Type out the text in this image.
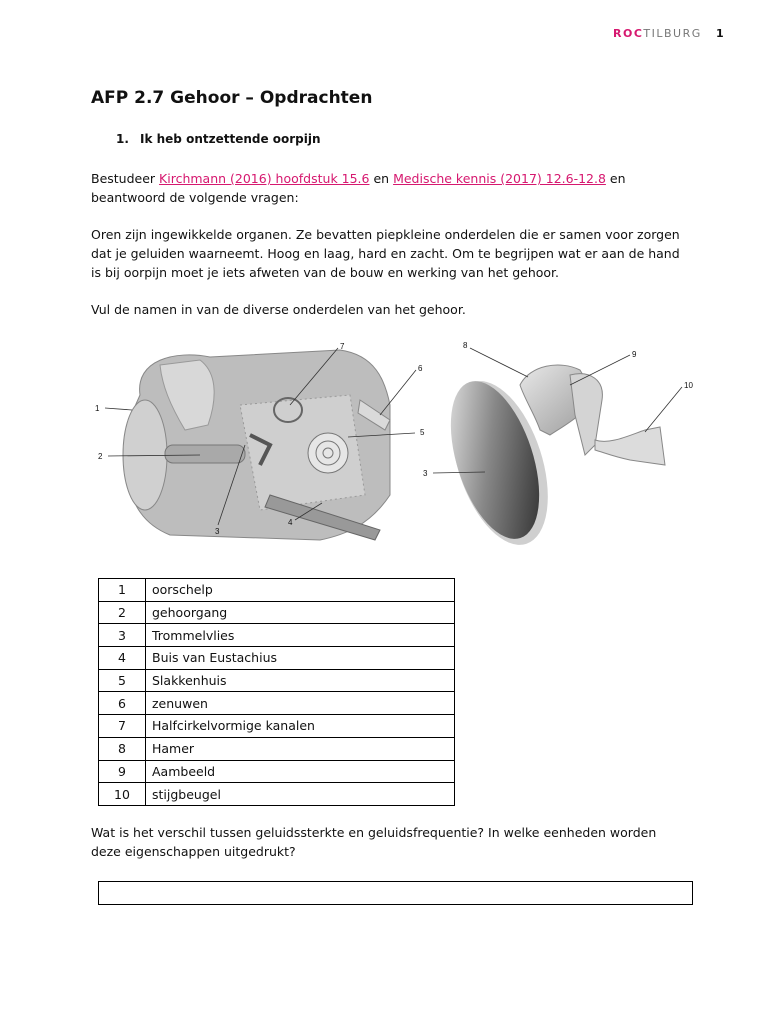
ROCTILBURG 1
AFP 2.7 Gehoor – Opdrachten
1. Ik heb ontzettende oorpijn

Bestudeer Kirchmann (2016) hoofdstuk 15.6 en Medische kennis (2017) 12.6-12.8 en beantwoord de volgende vragen:

Oren zijn ingewikkelde organen. Ze bevatten piepkleine onderdelen die er samen voor zorgen dat je geluiden waarneemt. Hoog en laag, hard en zacht. Om te begrijpen wat er aan de hand is bij oorpijn moet je iets afweten van de bouw en werking van het gehoor.

Vul de namen in van de diverse onderdelen van het gehoor.

1
2
3
4
5
6
7	8
9
10
3
1	oorschelp
2	gehoorgang
3	Trommelvlies
4	Buis van Eustachius
5	Slakkenhuis
6	zenuwen
7	Halfcirkelvormige kanalen
8	Hamer
9	Aambeeld
10	stijgbeugel

Wat is het verschil tussen geluidssterkte en geluidsfrequentie? In welke eenheden worden deze eigenschappen uitgedrukt?
